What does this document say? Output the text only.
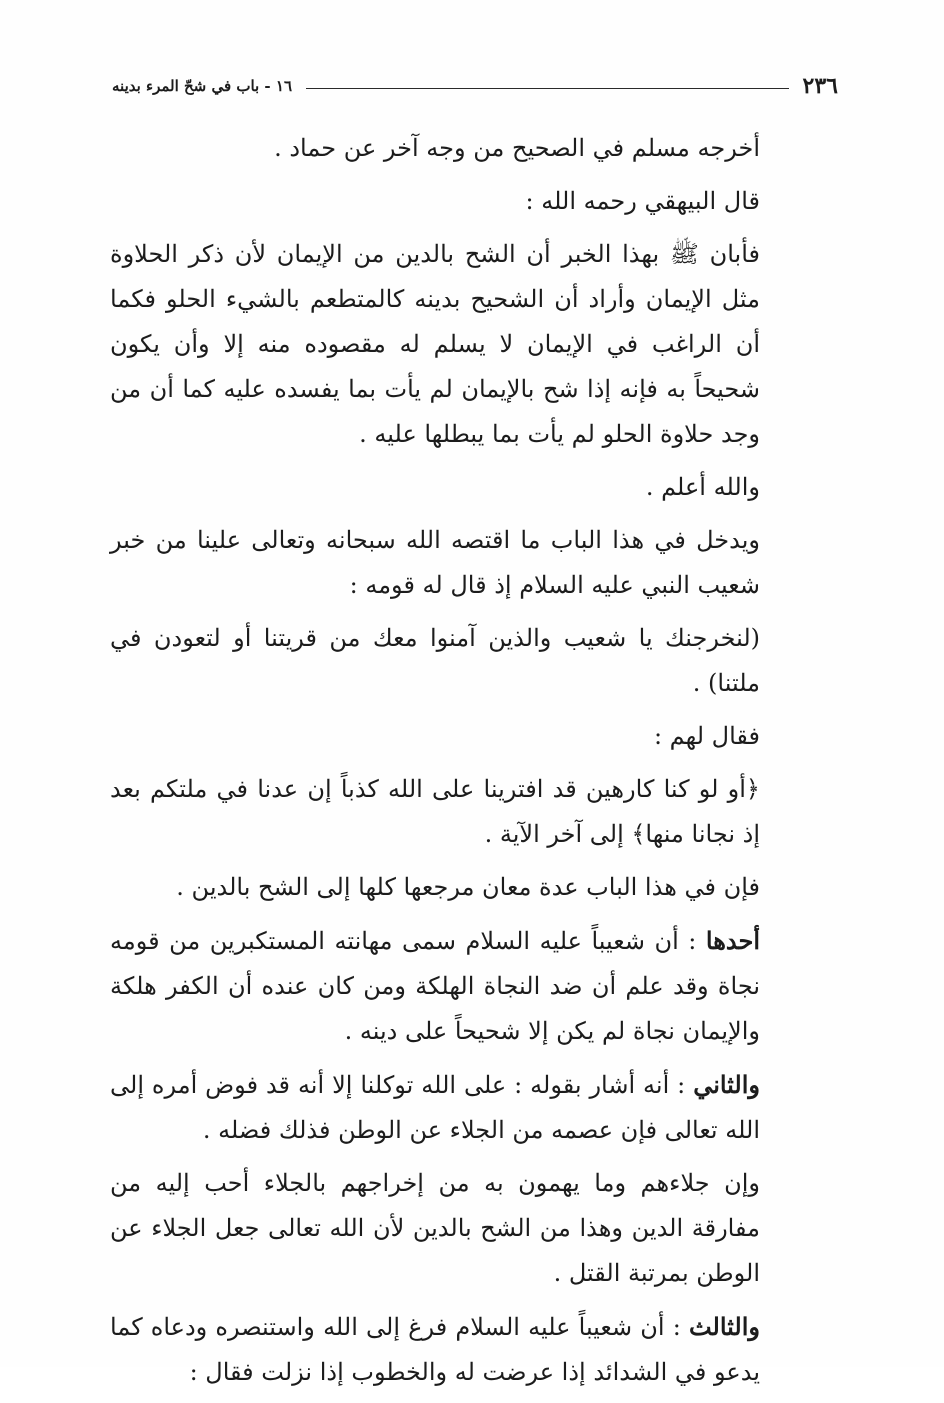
٢٣٦
١٦ - باب في شحّ المرء بدينه

أخرجه مسلم في الصحيح من وجه آخر عن حماد .

قال البيهقي رحمه الله :

فأبان ﷺ بهذا الخبر أن الشح بالدين من الإيمان لأن ذكر الحلاوة مثل الإيمان وأراد أن الشحيح بدينه كالمتطعم بالشيء الحلو فكما أن الراغب في الإيمان لا يسلم له مقصوده منه إلا وأن يكون شحيحاً به فإنه إذا شح بالإيمان لم يأت بما يفسده عليه كما أن من وجد حلاوة الحلو لم يأت بما يبطلها عليه .

والله أعلم .

ويدخل في هذا الباب ما اقتصه الله سبحانه وتعالى علينا من خبر شعيب النبي عليه السلام إذ قال له قومه :

(لنخرجنك يا شعيب والذين آمنوا معك من قريتنا أو لتعودن في ملتنا) .

فقال لهم :

﴿أو لو كنا كارهين قد افترينا على الله كذباً إن عدنا في ملتكم بعد إذ نجانا منها﴾ إلى آخر الآية .

فإن في هذا الباب عدة معان مرجعها كلها إلى الشح بالدين .

أحدها : أن شعيباً عليه السلام سمى مهانته المستكبرين من قومه نجاة وقد علم أن ضد النجاة الهلكة ومن كان عنده أن الكفر هلكة والإيمان نجاة لم يكن إلا شحيحاً على دينه .

والثاني : أنه أشار بقوله : على الله توكلنا إلا أنه قد فوض أمره إلى الله تعالى فإن عصمه من الجلاء عن الوطن فذلك فضله .

وإن جلاءهم وما يهمون به من إخراجهم بالجلاء أحب إليه من مفارقة الدين وهذا من الشح بالدين لأن الله تعالى جعل الجلاء عن الوطن بمرتبة القتل .

والثالث : أن شعيباً عليه السلام فرغ إلى الله واستنصره ودعاه كما يدعو في الشدائد إذا عرضت له والخطوب إذا نزلت فقال :
